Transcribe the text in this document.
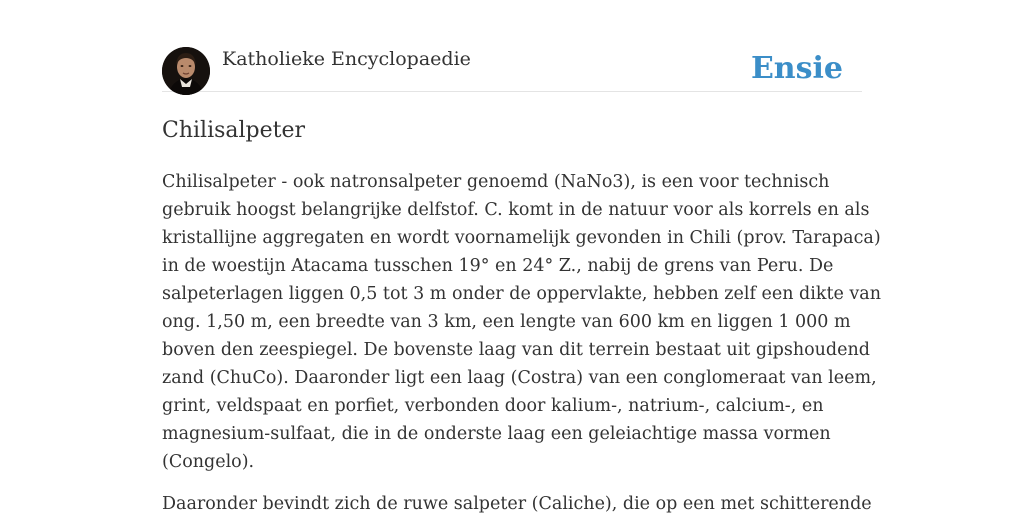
Katholieke Encyclopaedie	Ensie
Chilisalpeter

Chilisalpeter - ook natronsalpeter genoemd (NaNo3), is een voor technisch
gebruik hoogst belangrijke delfstof. C. komt in de natuur voor als korrels en als
kristallijne aggregaten en wordt voornamelijk gevonden in Chili (prov. Tarapaca)
in de woestijn Atacama tusschen 19° en 24° Z., nabij de grens van Peru. De
salpeterlagen liggen 0,5 tot 3 m onder de oppervlakte, hebben zelf een dikte van
ong. 1,50 m, een breedte van 3 km, een lengte van 600 km en liggen 1 000 m
boven den zeespiegel. De bovenste laag van dit terrein bestaat uit gipshoudend
zand (ChuCo). Daaronder ligt een laag (Costra) van een conglomeraat van leem,
grint, veldspaat en porfiet, verbonden door kalium-, natrium-, calcium-, en
magnesium-sulfaat, die in de onderste laag een geleiachtige massa vormen
(Congelo).

Daaronder bevindt zich de ruwe salpeter (Caliche), die op een met schitterende
